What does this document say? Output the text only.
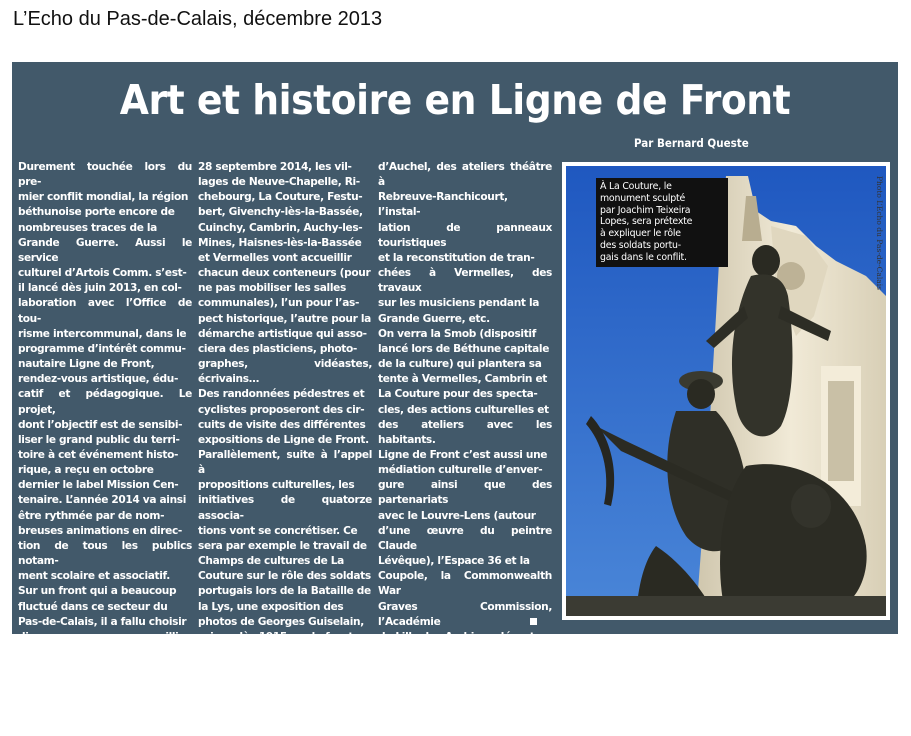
L’Echo du Pas-de-Calais, décembre 2013
Art et histoire en Ligne de Front
Par Bernard Queste
Durement touchée lors du pre-
mier conflit mondial, la région
béthunoise porte encore de
nombreuses traces de la
Grande Guerre. Aussi le service
culturel d’Artois Comm. s’est-
il lancé dès juin 2013, en col-
laboration avec l’Office de tou-
risme intercommunal, dans le
programme d’intérêt commu-
nautaire Ligne de Front,
rendez-vous artistique, édu-
catif et pédagogique. Le projet,
dont l’objectif est de sensibi-
liser le grand public du terri-
toire à cet événement histo-
rique, a reçu en octobre
dernier le label Mission Cen-
tenaire. L’année 2014 va ainsi
être rythmée par de nom-
breuses animations en direc-
tion de tous les publics notam-
ment scolaire et associatif.
Sur un front qui a beaucoup
fluctué dans ce secteur du
Pas-de-Calais, il a fallu choisir
dix communes pour accueillir
à la fois une exposition histo-
rique et une autre d’art
contemporain. Du 14 juin au
28 septembre 2014, les vil-
lages de Neuve-Chapelle, Ri-
chebourg, La Couture, Festu-
bert, Givenchy-lès-la-Bassée,
Cuinchy, Cambrin, Auchy-les-
Mines, Haisnes-lès-la-Bassée
et Vermelles vont accueillir
chacun deux conteneurs (pour
ne pas mobiliser les salles
communales), l’un pour l’as-
pect historique, l’autre pour la
démarche artistique qui asso-
ciera des plasticiens, photo-
graphes, vidéastes, écrivains…
Des randonnées pédestres et
cyclistes proposeront des cir-
cuits de visite des différentes
expositions de Ligne de Front.
Parallèlement, suite à l’appel à
propositions culturelles, les
initiatives de quatorze associa-
tions vont se concrétiser. Ce
sera par exemple le travail de
Champs de cultures de La
Couture sur le rôle des soldats
portugais lors de la Bataille de
la Lys, une exposition des
photos de Georges Guiselain,
prises dès 1915 sur le front,
avec l’Amicale des OR-SOR
d’Auchel, des ateliers théâtre à
Rebreuve-Ranchicourt, l’instal-
lation de panneaux touristiques
et la reconstitution de tran-
chées à Vermelles, des travaux
sur les musiciens pendant la
Grande Guerre, etc.
On verra la Smob (dispositif
lancé lors de Béthune capitale
de la culture) qui plantera sa
tente à Vermelles, Cambrin et
La Couture pour des specta-
cles, des actions culturelles et
des ateliers avec les habitants.
Ligne de Front c’est aussi une
médiation culturelle d’enver-
gure ainsi que des partenariats
avec le Louvre-Lens (autour
d’une œuvre du peintre Claude
Lévêque), l’Espace 36 et la
Coupole, la Commonwealth War
Graves Commission, l’Académie
de Lille, les Archives départe-
mentales, la Ligue de l’Ensei-
gnement et les services d’Artois
Comm. impliqués à tous les
niveaux dans le projet depuis
son lancement.
À La Couture, le
monument sculpté
par Joachim Teixeira
Lopes, sera prétexte
à expliquer le rôle
des soldats portu-
gais dans le conflit.	Photo L’Echo du Pas-de-Calais
